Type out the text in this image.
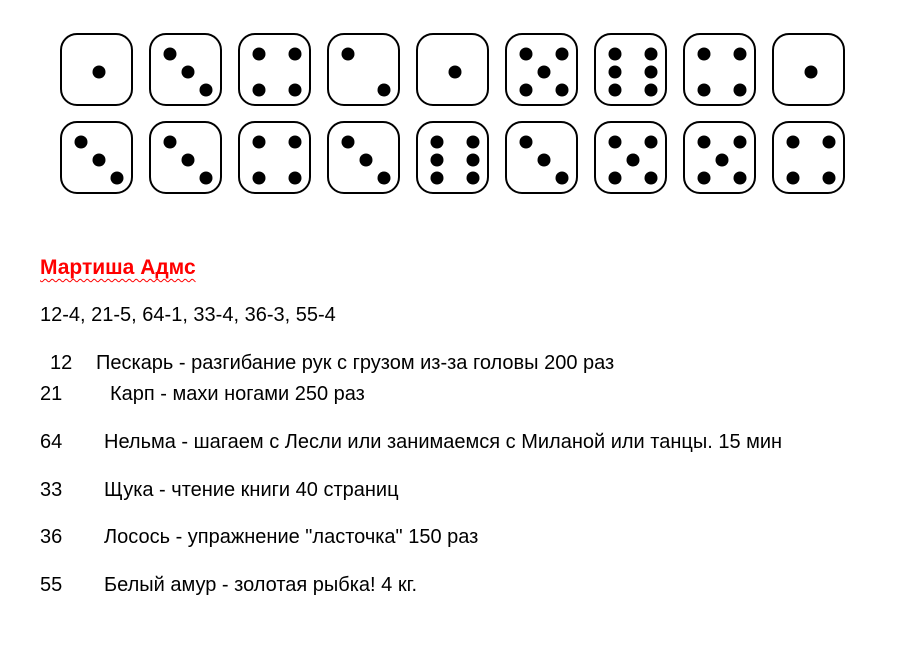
Мартиша Адмс
12-4, 21-5, 64-1, 33-4, 36-3, 55-4
12 Пескарь - разгибание рук с грузом из-за головы 200 раз
21 Карп - махи ногами 250 раз
64 Нельма - шагаем с Лесли или занимаемся с Миланой или танцы. 15 мин
33 Щука - чтение книги 40 страниц
36 Лосось - упражнение "ласточка" 150 раз
55 Белый амур - золотая рыбка! 4 кг.
